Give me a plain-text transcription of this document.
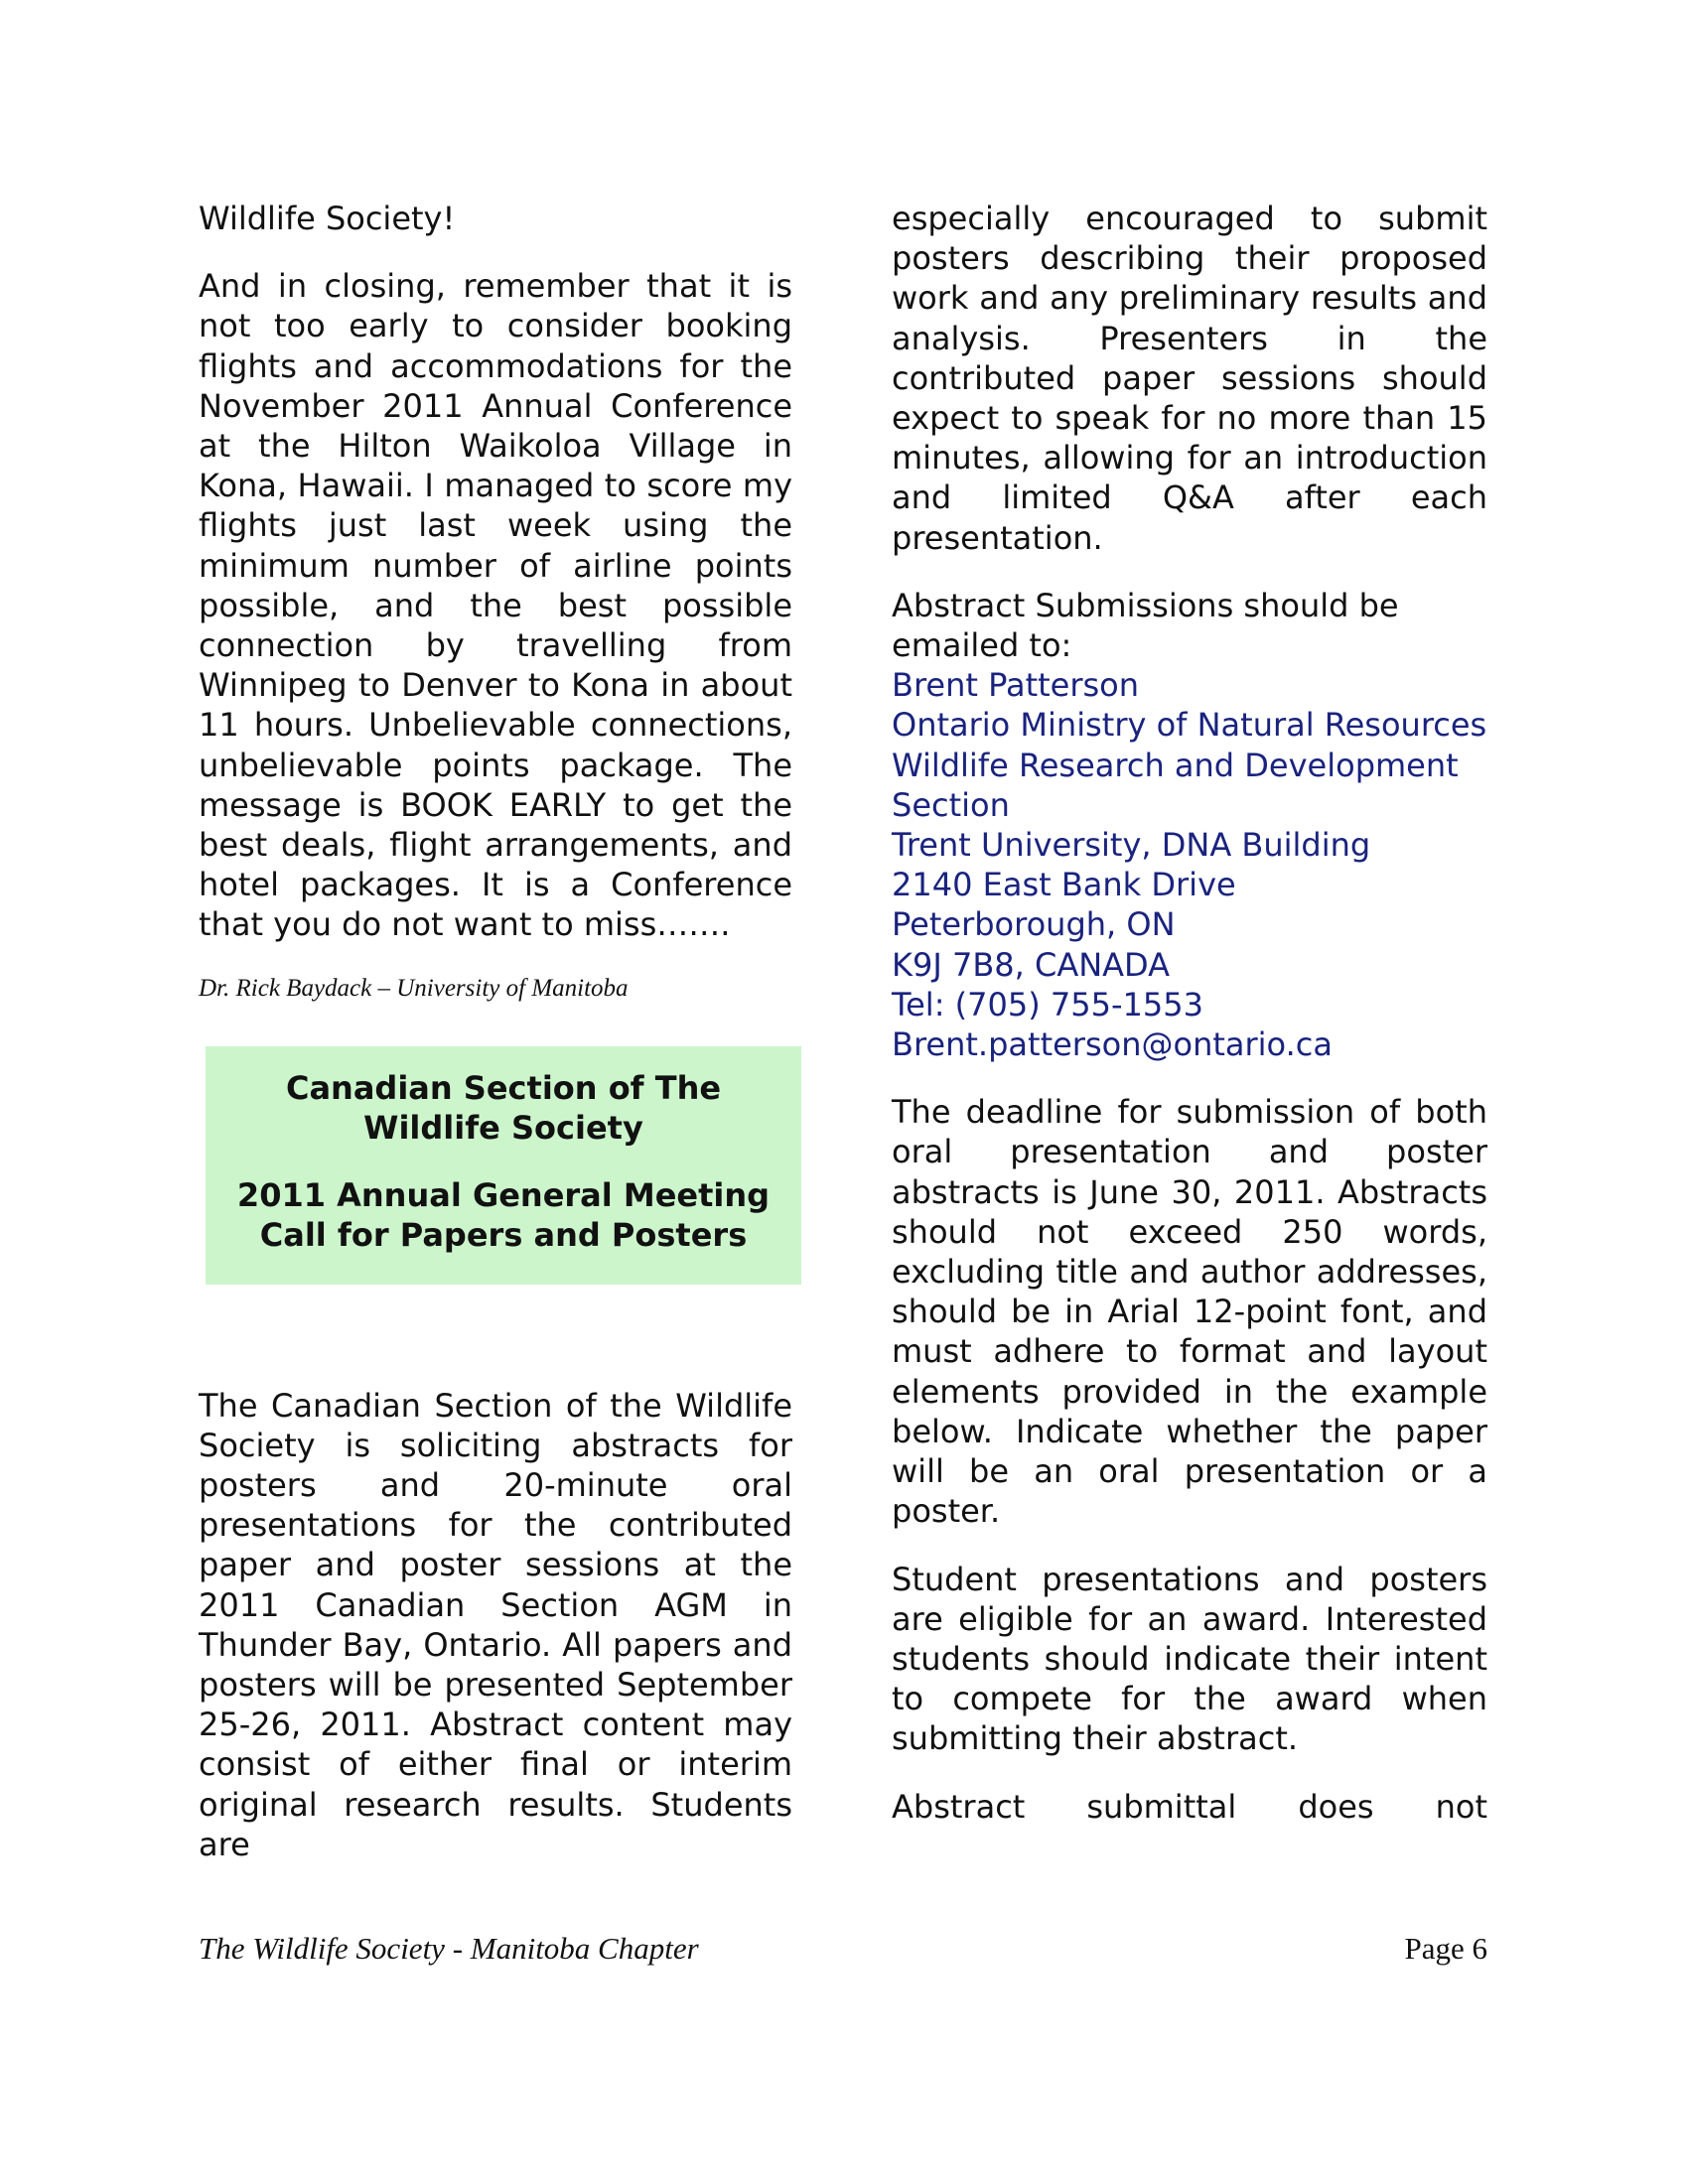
Wildlife Society!

And in closing, remember that it is not too early to consider booking flights and accommodations for the November 2011 Annual Conference at the Hilton Waikoloa Village in Kona, Hawaii. I managed to score my flights just last week using the minimum number of airline points possible, and the best possible connection by travelling from Winnipeg to Denver to Kona in about 11 hours. Unbelievable connections, unbelievable points package. The message is BOOK EARLY to get the best deals, flight arrangements, and hotel packages. It is a Conference that you do not want to miss…….

Dr. Rick Baydack – University of Manitoba

Canadian Section of The Wildlife Society
2011 Annual General Meeting Call for Papers and Posters

The Canadian Section of the Wildlife Society is soliciting abstracts for posters and 20-minute oral presentations for the contributed paper and poster sessions at the 2011 Canadian Section AGM in Thunder Bay, Ontario. All papers and posters will be presented September 25-26, 2011. Abstract content may consist of either final or interim original research results. Students are

especially encouraged to submit posters describing their proposed work and any preliminary results and analysis. Presenters in the contributed paper sessions should expect to speak for no more than 15 minutes, allowing for an introduction and limited Q&A after each presentation.

Abstract Submissions should be emailed to:

Brent Patterson
Ontario Ministry of Natural Resources
Wildlife Research and Development Section
Trent University, DNA Building
2140 East Bank Drive
Peterborough, ON
K9J 7B8, CANADA
Tel: (705) 755-1553
Brent.patterson@ontario.ca

The deadline for submission of both oral presentation and poster abstracts is June 30, 2011. Abstracts should not exceed 250 words, excluding title and author addresses, should be in Arial 12-point font, and must adhere to format and layout elements provided in the example below. Indicate whether the paper will be an oral presentation or a poster.

Student presentations and posters are eligible for an award. Interested students should indicate their intent to compete for the award when submitting their abstract.

Abstract submittal does not

The Wildlife Society - Manitoba Chapter	Page 6
